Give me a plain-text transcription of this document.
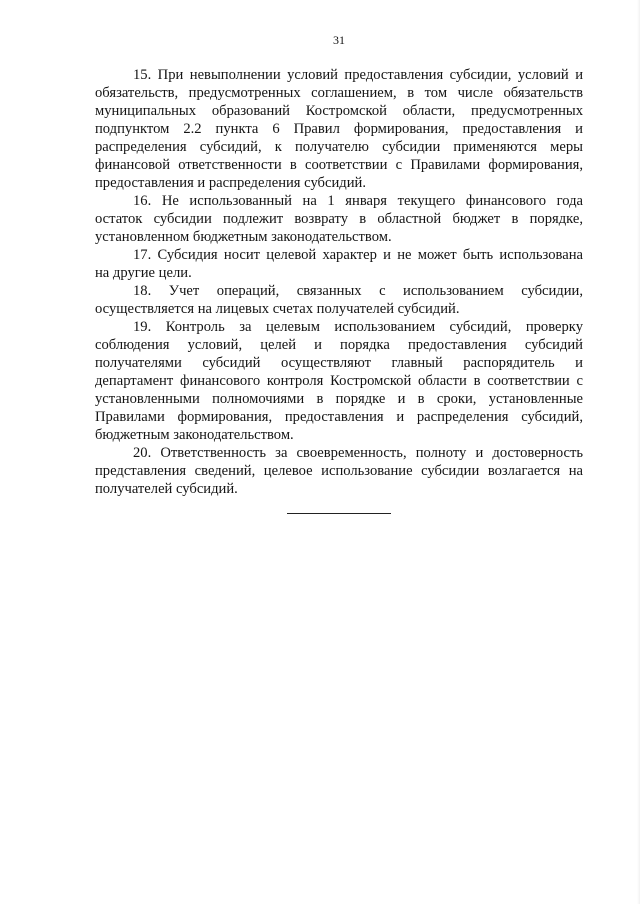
31
15. При невыполнении условий предоставления субсидии, условий и
обязательств, предусмотренных соглашением, в том числе обязательств
муниципальных образований Костромской области, предусмотренных
подпунктом 2.2 пункта 6 Правил формирования, предоставления и
распределения субсидий, к получателю субсидии применяются меры
финансовой ответственности в соответствии с Правилами формирования,
предоставления и распределения субсидий.
16. Не использованный на 1 января текущего финансового года
остаток субсидии подлежит возврату в областной бюджет в порядке,
установленном бюджетным законодательством.
17. Субсидия носит целевой характер и не может быть использована
на другие цели.
18. Учет операций, связанных с использованием субсидии,
осуществляется на лицевых счетах получателей субсидий.
19. Контроль за целевым использованием субсидий, проверку
соблюдения условий, целей и порядка предоставления субсидий
получателями субсидий осуществляют главный распорядитель и
департамент финансового контроля Костромской области в соответствии с
установленными полномочиями в порядке и в сроки, установленные
Правилами формирования, предоставления и распределения субсидий,
бюджетным законодательством.
20. Ответственность за своевременность, полноту и достоверность
представления сведений, целевое использование субсидии возлагается на
получателей субсидий.
